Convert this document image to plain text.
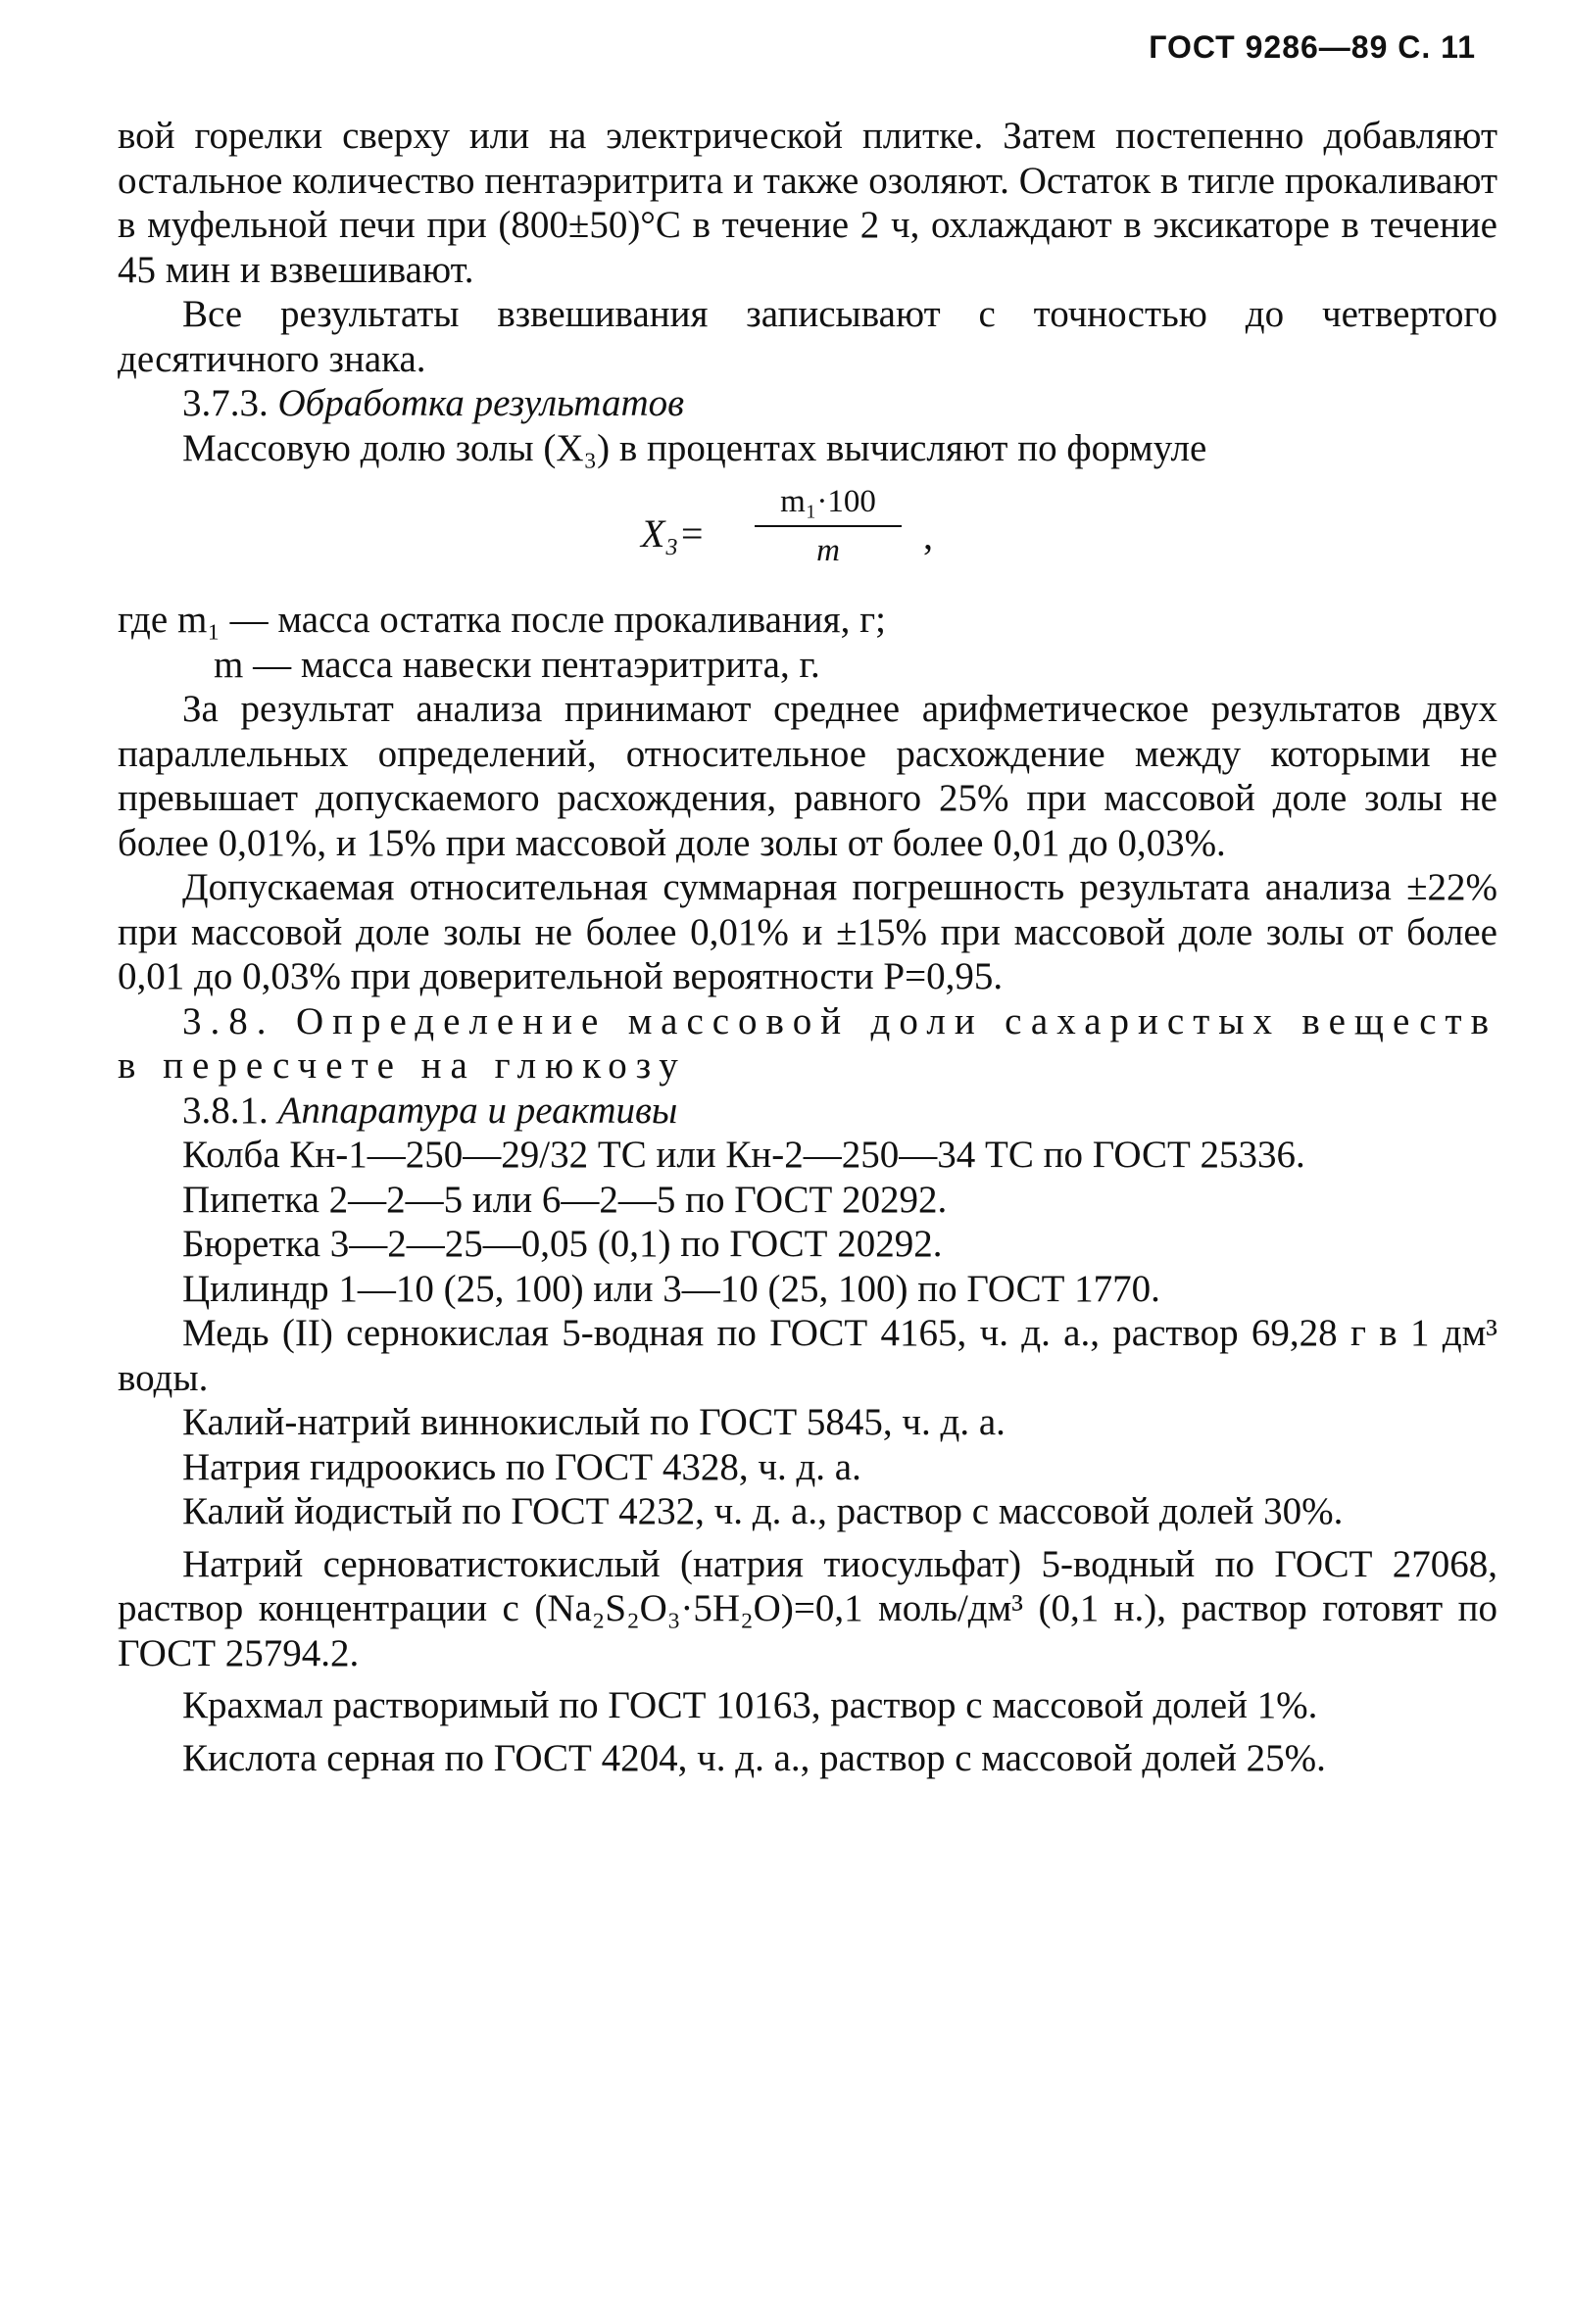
ГОСТ 9286—89 С. 11

вой горелки сверху или на электрической плитке. Затем постепенно добавляют остальное количество пентаэритрита и также озоляют. Остаток в тигле прокаливают в муфельной печи при (800±50)°С в течение 2 ч, охлаждают в эксикаторе в течение 45 мин и взвешивают.

Все результаты взвешивания записывают с точностью до четвертого десятичного знака.

3.7.3. Обработка результатов

Массовую долю золы (X₃) в процентах вычисляют по формуле

X₃=
m₁·100
m	,

где m₁ — масса остатка после прокаливания, г;

m — масса навески пентаэритрита, г.

За результат анализа принимают среднее арифметическое результатов двух параллельных определений, относительное расхождение между которыми не превышает допускаемого расхождения, равного 25% при массовой доле золы не более 0,01%, и 15% при массовой доле золы от более 0,01 до 0,03%.

Допускаемая относительная суммарная погрешность результата анализа ±22% при массовой доле золы не более 0,01% и ±15% при массовой доле золы от более 0,01 до 0,03% при доверительной вероятности P=0,95.

3.8. Определение массовой доли сахаристых веществ в пересчете на глюкозу

3.8.1. Аппаратура и реактивы

Колба Кн-1—250—29/32 ТС или Кн-2—250—34 ТС по ГОСТ 25336.

Пипетка 2—2—5 или 6—2—5 по ГОСТ 20292.

Бюретка 3—2—25—0,05 (0,1) по ГОСТ 20292.

Цилиндр 1—10 (25, 100) или 3—10 (25, 100) по ГОСТ 1770.

Медь (II) сернокислая 5-водная по ГОСТ 4165, ч. д. а., раствор 69,28 г в 1 дм³ воды.

Калий-натрий виннокислый по ГОСТ 5845, ч. д. а.

Натрия гидроокись по ГОСТ 4328, ч. д. а.

Калий йодистый по ГОСТ 4232, ч. д. а., раствор с массовой долей 30%.

Натрий серноватистокислый (натрия тиосульфат) 5-водный по ГОСТ 27068, раствор концентрации c (Na₂S₂O₃·5H₂O)=0,1 моль/дм³ (0,1 н.), раствор готовят по ГОСТ 25794.2.

Крахмал растворимый по ГОСТ 10163, раствор с массовой долей 1%.

Кислота серная по ГОСТ 4204, ч. д. а., раствор с массовой долей 25%.
